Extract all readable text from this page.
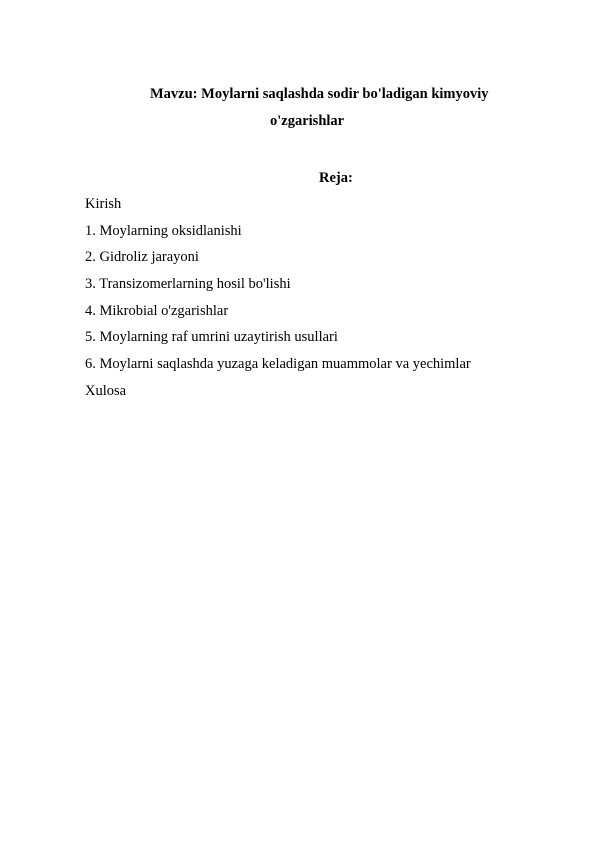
Mavzu: Moylarni saqlashda sodir bo'ladigan kimyoviy
o'zgarishlar
Reja:
Kirish
1. Moylarning oksidlanishi
2. Gidroliz jarayoni
3. Transizomerlarning hosil bo'lishi
4. Mikrobial o'zgarishlar
5. Moylarning raf umrini uzaytirish usullari
6. Moylarni saqlashda yuzaga keladigan muammolar va yechimlar
Xulosa
